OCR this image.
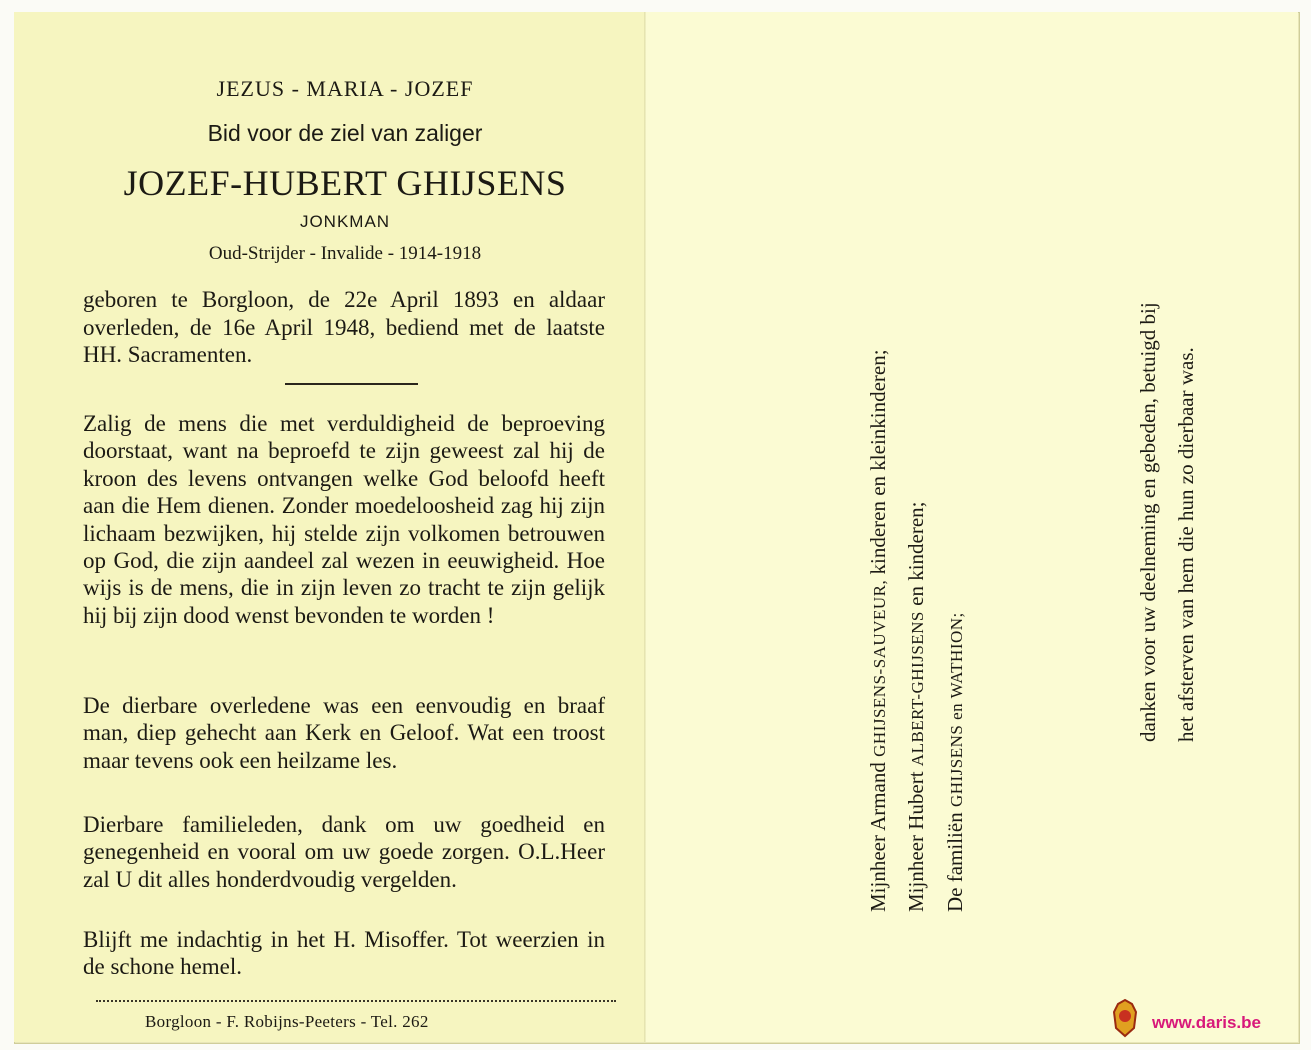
JEZUS - MARIA - JOZEF
Bid voor de ziel van zaliger
JOZEF-HUBERT GHIJSENS
JONKMAN
Oud-Strijder - Invalide - 1914-1918
geboren te Borgloon, de 22e April 1893 en aldaar overleden, de 16e April 1948, bediend met de laatste HH. Sacramenten.
Zalig de mens die met verduldigheid de beproeving doorstaat, want na beproefd te zijn geweest zal hij de kroon des levens ontvangen welke God beloofd heeft aan die Hem dienen. Zonder moedeloosheid zag hij zijn lichaam bezwijken, hij stelde zijn volkomen betrouwen op God, die zijn aandeel zal wezen in eeuwigheid. Hoe wijs is de mens, die in zijn leven zo tracht te zijn gelijk hij bij zijn dood wenst bevonden te worden !
De dierbare overledene was een eenvoudig en braaf man, diep gehecht aan Kerk en Geloof. Wat een troost maar tevens ook een heilzame les.
Dierbare familieleden, dank om uw goedheid en genegenheid en vooral om uw goede zorgen. O.L.Heer zal U dit alles honderdvoudig vergelden.
Blijft me indachtig in het H. Misoffer. Tot weerzien in de schone hemel.
Borgloon - F. Robijns-Peeters - Tel. 262
Mijnheer Armand GHIJSENS-SAUVEUR, kinderen en kleinkinderen;
Mijnheer Hubert ALBERT-GHIJSENS en kinderen;
De familiën GHIJSENS en WATHION;	danken voor uw deelneming en gebeden, betuigd bij het afsterven van hem die hun zo dierbaar was.
www.daris.be
